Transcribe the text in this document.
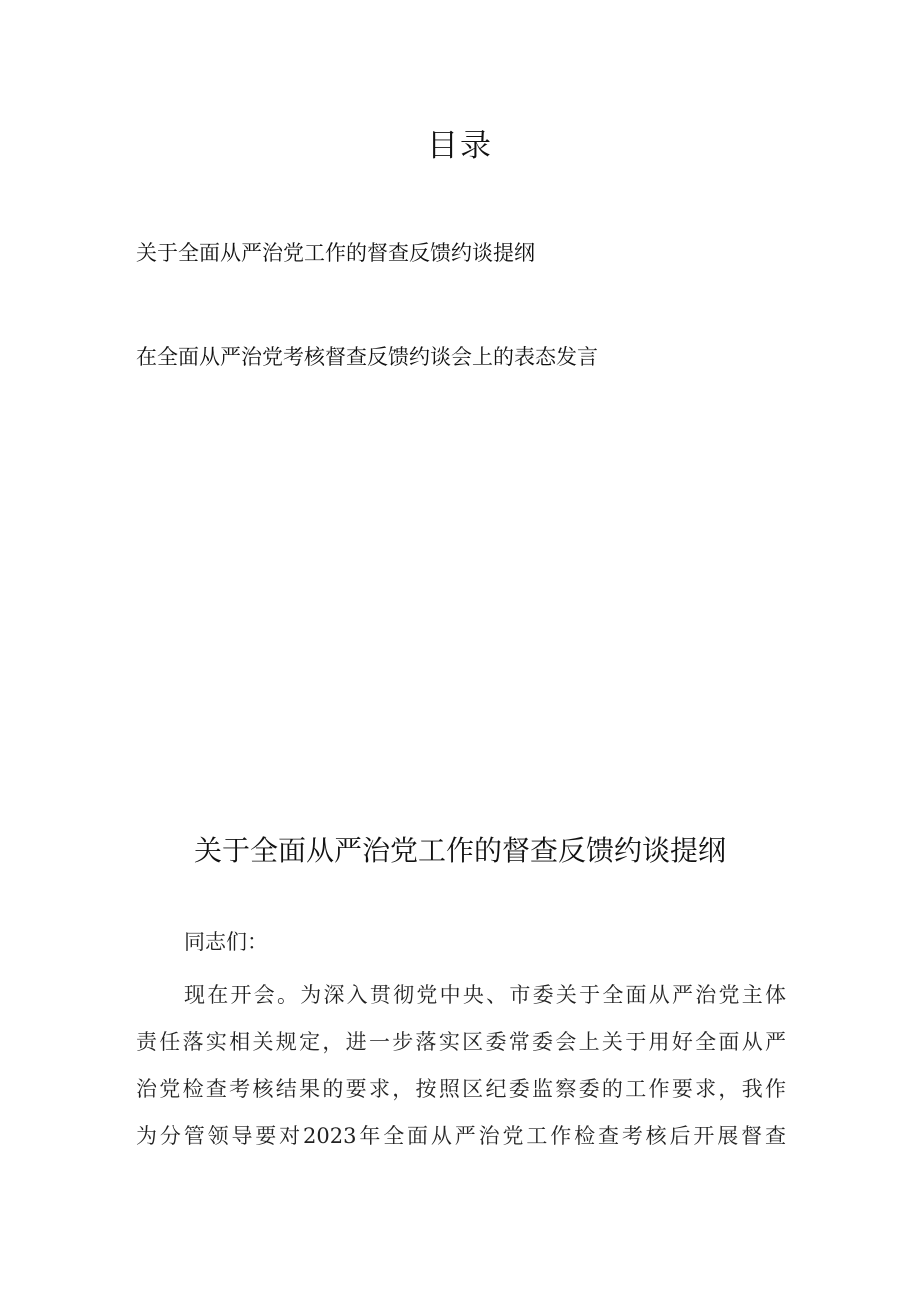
目录
关于全面从严治党工作的督查反馈约谈提纲
在全面从严治党考核督查反馈约谈会上的表态发言
关于全面从严治党工作的督查反馈约谈提纲
同志们：
现在开会。为深入贯彻党中央、市委关于全面从严治党主体
责任落实相关规定，进一步落实区委常委会上关于用好全面从严
治党检查考核结果的要求，按照区纪委监察委的工作要求，我作
为分管领导要对2023年全面从严治党工作检查考核后开展督查
